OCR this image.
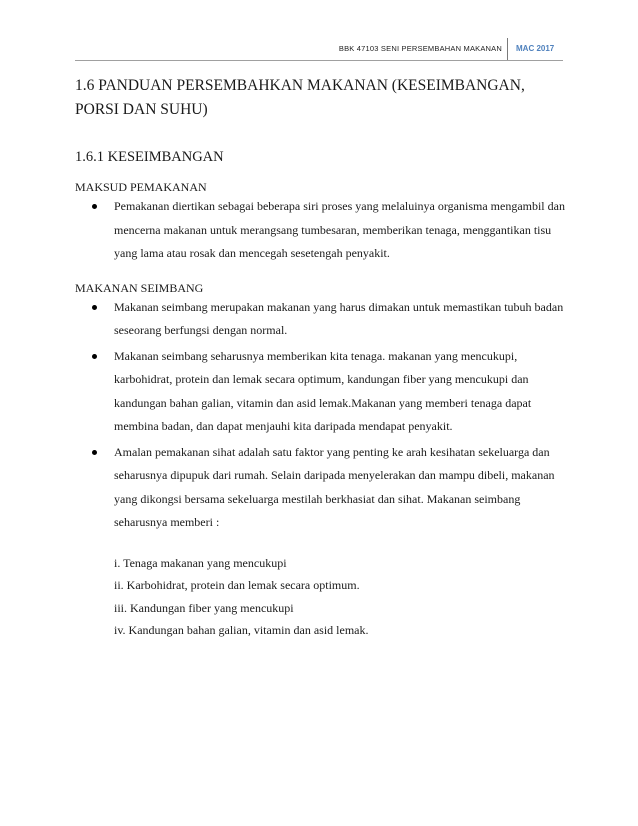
BBK 47103 SENI PERSEMBAHAN MAKANAN MAC 2017
1.6 PANDUAN PERSEMBAHKAN MAKANAN (KESEIMBANGAN, PORSI DAN SUHU)
1.6.1 KESEIMBANGAN
MAKSUD PEMAKANAN
Pemakanan diertikan sebagai beberapa siri proses yang melaluinya organisma mengambil dan mencerna makanan untuk merangsang tumbesaran, memberikan tenaga, menggantikan tisu yang lama atau rosak dan mencegah sesetengah penyakit.
MAKANAN SEIMBANG
Makanan seimbang merupakan makanan yang harus dimakan untuk memastikan tubuh badan seseorang berfungsi dengan normal.
Makanan seimbang seharusnya memberikan kita tenaga. makanan yang mencukupi, karbohidrat, protein dan lemak secara optimum, kandungan fiber yang mencukupi dan kandungan bahan galian, vitamin dan asid lemak.Makanan yang memberi tenaga dapat membina badan, dan dapat menjauhi kita daripada mendapat penyakit.
Amalan pemakanan sihat adalah satu faktor yang penting ke arah kesihatan sekeluarga dan seharusnya dipupuk dari rumah. Selain daripada menyelerakan dan mampu dibeli, makanan yang dikongsi bersama sekeluarga mestilah berkhasiat dan sihat. Makanan seimbang seharusnya memberi :
i. Tenaga makanan yang mencukupi
ii. Karbohidrat, protein dan lemak secara optimum.
iii. Kandungan fiber yang mencukupi
iv. Kandungan bahan galian, vitamin dan asid lemak.
